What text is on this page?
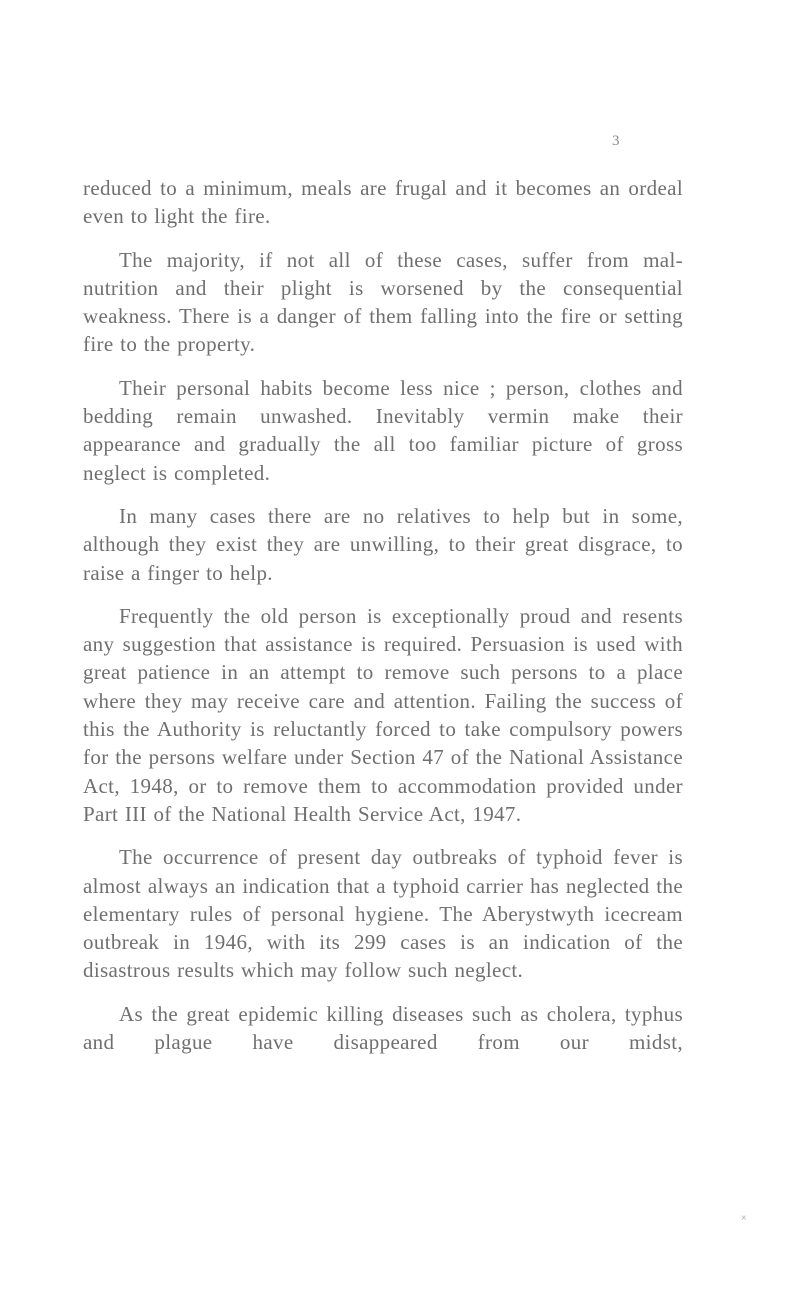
3

reduced to a minimum, meals are frugal and it becomes an ordeal even to light the fire.

The majority, if not all of these cases, suffer from mal-nutrition and their plight is worsened by the consequential weakness. There is a danger of them falling into the fire or setting fire to the property.

Their personal habits become less nice ; person, clothes and bedding remain unwashed. Inevitably vermin make their appearance and gradually the all too familiar picture of gross neglect is completed.

In many cases there are no relatives to help but in some, although they exist they are unwilling, to their great disgrace, to raise a finger to help.

Frequently the old person is exceptionally proud and resents any suggestion that assistance is required. Persuasion is used with great patience in an attempt to remove such persons to a place where they may receive care and attention. Failing the success of this the Authority is reluctantly forced to take compulsory powers for the persons welfare under Section 47 of the National Assistance Act, 1948, or to remove them to accommodation provided under Part III of the National Health Service Act, 1947.

The occurrence of present day outbreaks of typhoid fever is almost always an indication that a typhoid carrier has neglected the elementary rules of personal hygiene. The Aberystwyth icecream outbreak in 1946, with its 299 cases is an indication of the disastrous results which may follow such neglect.

As the great epidemic killing diseases such as cholera, typhus and plague have disappeared from our midst,

×
